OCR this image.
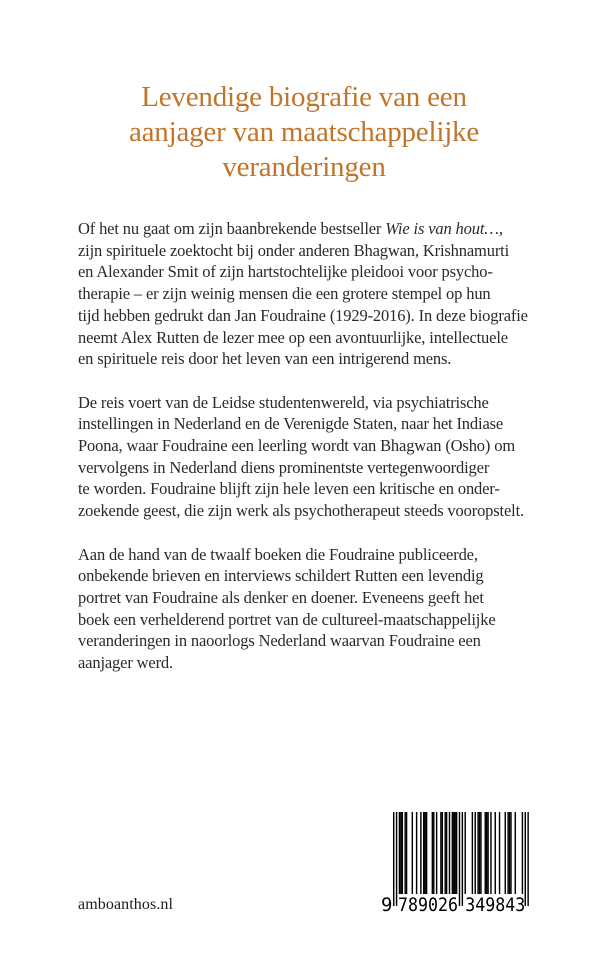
Levendige biografie van een
aanjager van maatschappelijke
veranderingen

Of het nu gaat om zijn baanbrekende bestseller Wie is van hout…,
zijn spirituele zoektocht bij onder anderen Bhagwan, Krishnamurti
en Alexander Smit of zijn hartstochtelijke pleidooi voor psycho-
therapie – er zijn weinig mensen die een grotere stempel op hun
tijd hebben gedrukt dan Jan Foudraine (1929-2016). In deze biografie
neemt Alex Rutten de lezer mee op een avontuurlijke, intellectuele
en spirituele reis door het leven van een intrigerend mens.

De reis voert van de Leidse studentenwereld, via psychiatrische
instellingen in Nederland en de Verenigde Staten, naar het Indiase
Poona, waar Foudraine een leerling wordt van Bhagwan (Osho) om
vervolgens in Nederland diens prominentste vertegenwoordiger
te worden. Foudraine blijft zijn hele leven een kritische en onder-
zoekende geest, die zijn werk als psychotherapeut steeds vooropstelt.

Aan de hand van de twaalf boeken die Foudraine publiceerde,
onbekende brieven en interviews schildert Rutten een levendig
portret van Foudraine als denker en doener. Eveneens geeft het
boek een verhelderend portret van de cultureel-maatschappelijke
veranderingen in naoorlogs Nederland waarvan Foudraine een
aanjager werd.

amboanthos.nl	9 789026 349843
